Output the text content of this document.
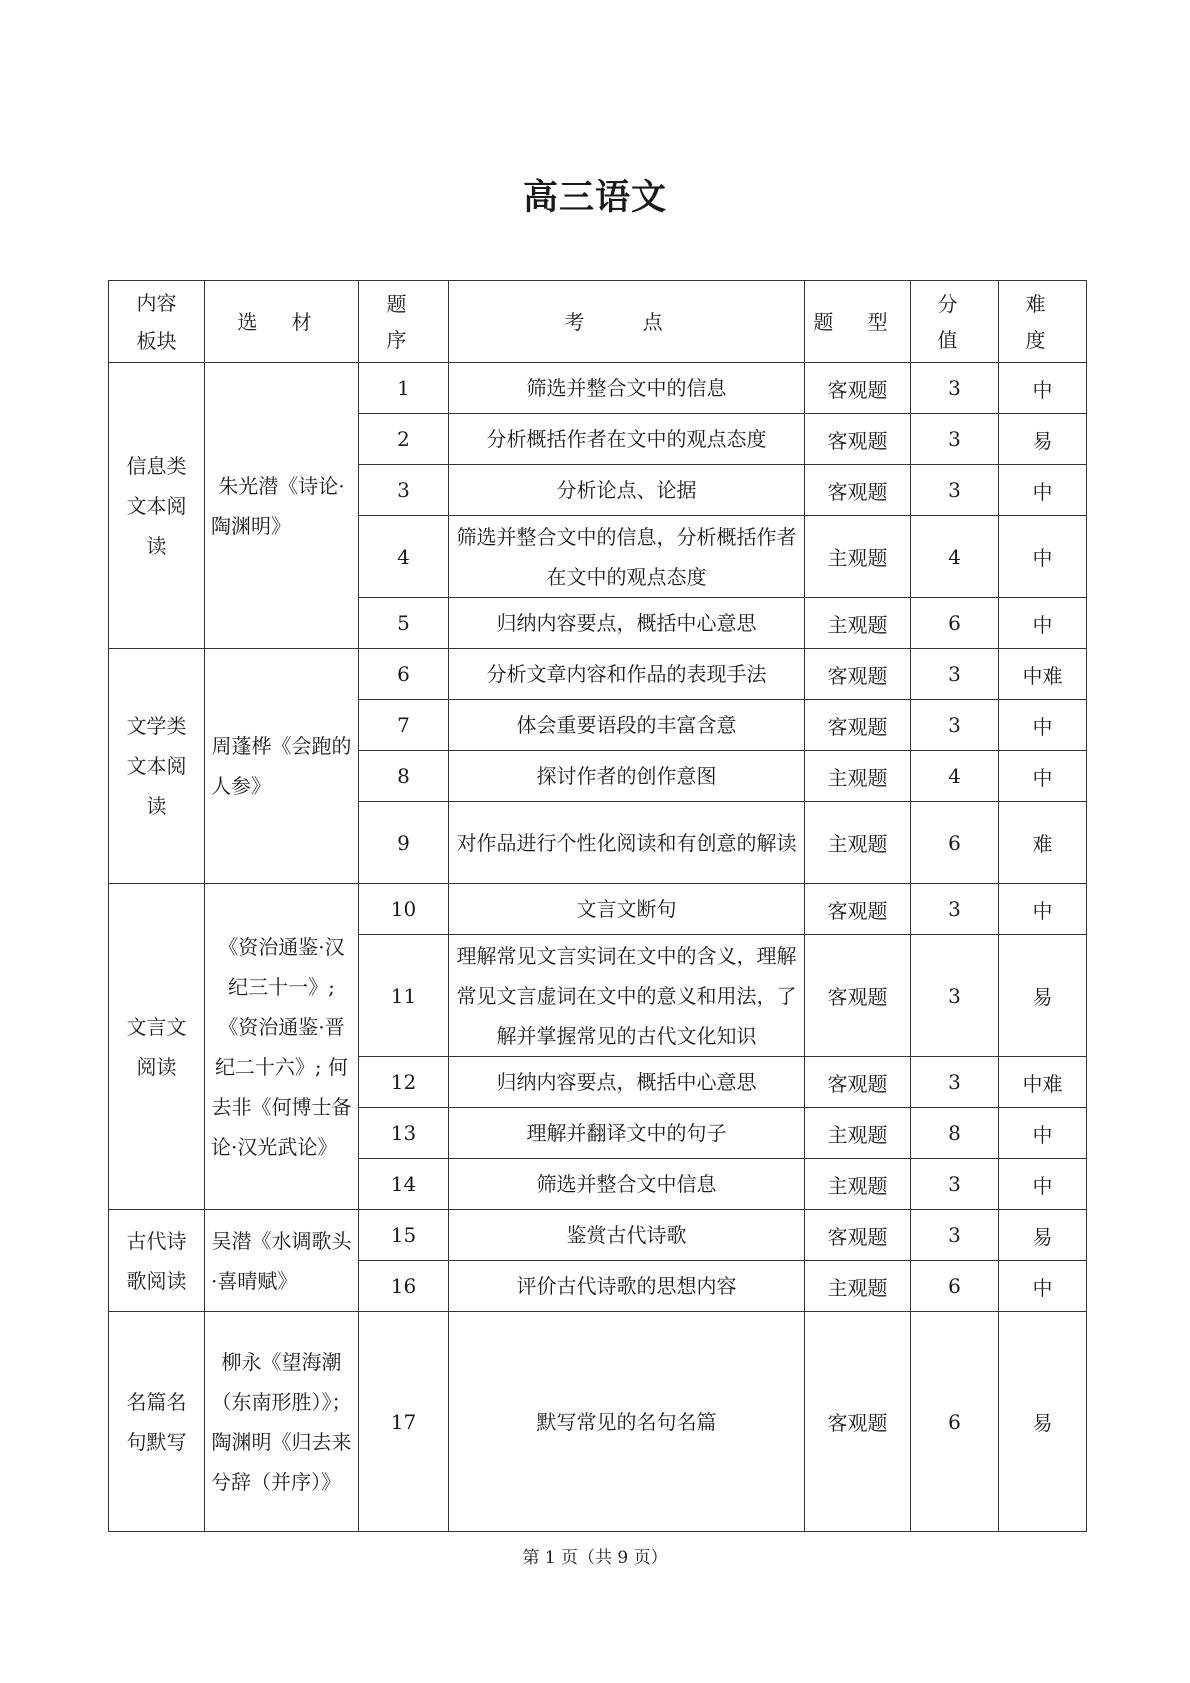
高三语文
内容板块	选 材	题 序	考 点	题 型	分 值	难 度

信息类文本阅读	朱光潜《诗论·陶渊明》	1	筛选并整合文中的信息	客观题	3	中
		2	分析概括作者在文中的观点态度	客观题	3	易
		3	分析论点、论据	客观题	3	中
		4	筛选并整合文中的信息，分析概括作者在文中的观点态度	主观题	4	中
		5	归纳内容要点，概括中心意思	主观题	6	中

文学类文本阅读	周蓬桦《会跑的人参》	6	分析文章内容和作品的表现手法	客观题	3	中难
		7	体会重要语段的丰富含意	客观题	3	中
		8	探讨作者的创作意图	主观题	4	中
		9	对作品进行个性化阅读和有创意的解读	主观题	6	难

文言文阅读	《资治通鉴·汉纪三十一》;《资治通鉴·晋纪二十六》; 何去非《何博士备论·汉光武论》	10	文言文断句	客观题	3	中
		11	理解常见文言实词在文中的含义，理解常见文言虚词在文中的意义和用法，了解并掌握常见的古代文化知识	客观题	3	易
		12	归纳内容要点，概括中心意思	客观题	3	中难
		13	理解并翻译文中的句子	主观题	8	中
		14	筛选并整合文中信息	主观题	3	中

古代诗歌阅读	吴潜《水调歌头·喜晴赋》	15	鉴赏古代诗歌	客观题	3	易
		16	评价古代诗歌的思想内容	主观题	6	中

名篇名句默写	柳永《望海潮（东南形胜）》；陶渊明《归去来兮辞（并序）》	17	默写常见的名句名篇	客观题	6	易
第 1 页（共 9 页）
